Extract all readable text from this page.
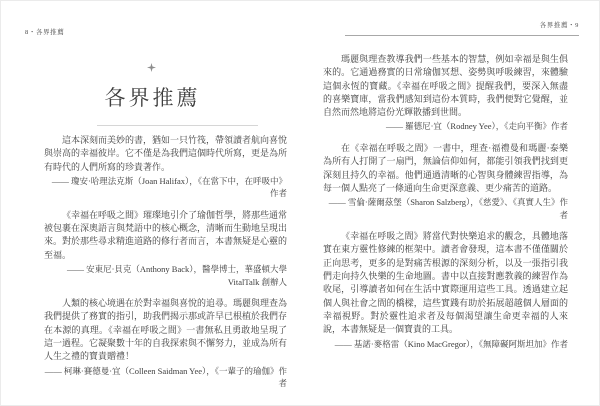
8・各界推薦
各界推薦

這本深刻而美妙的書，猶如一只竹筏，帶領讀者航向喜悅與崇高的幸福彼岸。它不僅是為我們這個時代所寫，更是為所有時代的人們所寫的珍貴著作。

—— 瓊安·哈理法克斯（Joan Halifax），《在當下中，在呼吸中》作者

《幸福在呼吸之間》璀璨地引介了瑜伽哲學，將那些通常被包裹在深奧語言與梵語中的核心概念，清晰而生動地呈現出來。對於那些尋求精進道路的修行者而言，本書無疑是心靈的至福。

—— 安東尼·貝克（Anthony Back），醫學博士，華盛頓大學 VitalTalk 創辦人

人類的核心境遇在於對幸福與喜悅的追尋。瑪麗與理查為我們提供了務實的指引，助我們揭示那或許早已根植於我們存在本源的真理。《幸福在呼吸之間》一書無私且勇敢地呈現了這一過程。它凝聚數十年的自我探索與不懈努力，並成為所有人生之禮的寶貴贈禮！

—— 柯琳·賽德曼·宜（Colleen Saidman Yee），《一輩子的瑜伽》作者

各界推薦・9

瑪麗與理查教導我們一些基本的智慧，例如幸福是與生俱來的。它通過務實的日常瑜伽冥想、姿勢與呼吸練習，來體驗這個永恆的寶藏。《幸福在呼吸之間》提醒我們，要深入無盡的喜樂寶庫，當我們感知到這份本質時，我們便對它覺醒，並自然而然地將這份光輝散播到世間。

—— 羅德尼·宜（Rodney Yee），《走向平衡》作者

在《幸福在呼吸之間》一書中，理查·福禮曼和瑪麗·泰樂為所有人打開了一扇門，無論信仰如何，都能引領我們找到更深刻且持久的幸福。他們通過清晰的心智與身體練習指導，為每一個人點亮了一條通向生命更深意義、更少痛苦的道路。

—— 雪倫·薩爾茲堡（Sharon Salzberg），《慈愛》、《真實人生》作者

《幸福在呼吸之間》將當代對快樂追求的觀念，具體地落實在東方靈性修練的框架中。讀者會發現，這本書不僅僅關於正向思考，更多的是對痛苦根源的深刻分析，以及一張指引我們走向持久快樂的生命地圖。書中以直接對應教義的練習作為收尾，引導讀者如何在生活中實際運用這些工具。透過建立起個人與社會之間的橋樑，這些實踐有助於拓展超越個人層面的幸福視野。對於靈性追求者及每個渴望讓生命更幸福的人來說，本書無疑是一個寶貴的工具。

—— 基諾·麥格雷（Kino MacGregor），《無障礙阿斯坦加》作者
